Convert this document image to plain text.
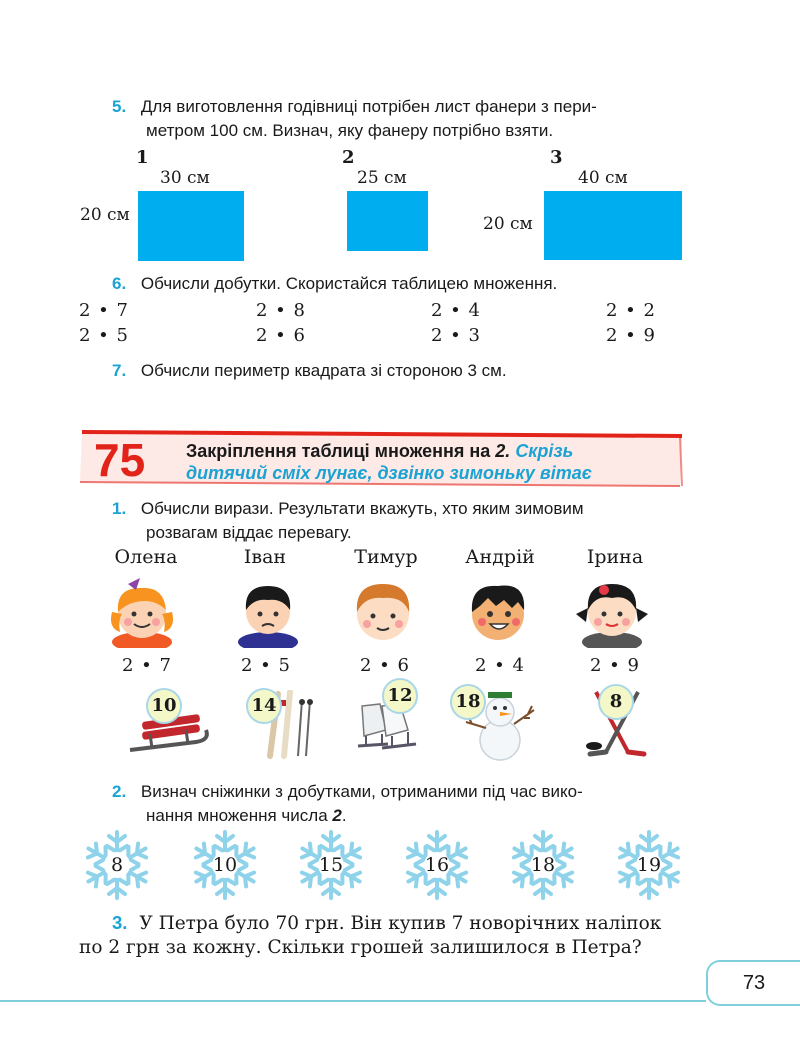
5. Для виготовлення годівниці потрібен лист фанери з пери-
метром 100 см. Визнач, яку фанеру потрібно взяти.
1
30 см
20 см
2
25 см
3
40 см
20 см
6. Обчисли добутки. Скористайся таблицею множення.
2 • 7	2 • 8	2 • 4	2 • 2
2 • 5	2 • 6	2 • 3	2 • 9
7. Обчисли периметр квадрата зі стороною 3 см.
75 Закріплення таблиці множення на 2. Скрізь
дитячий сміх лунає, дзвінко зимоньку вітає
1. Обчисли вирази. Результати вкажуть, хто яким зимовим
розвагам віддає перевагу.
Олена	Іван	Тимур	Андрій	Ірина
2 • 7	2 • 5	2 • 6	2 • 4	2 • 9
10	14	12	18	8
2. Визнач сніжинки з добутками, отриманими під час вико-
нання множення числа 2.
8	10	15	16	18	19
3. У Петра було 70 грн. Він купив 7 новорічних наліпок
по 2 грн за кожну. Скільки грошей залишилося в Петра?
73
